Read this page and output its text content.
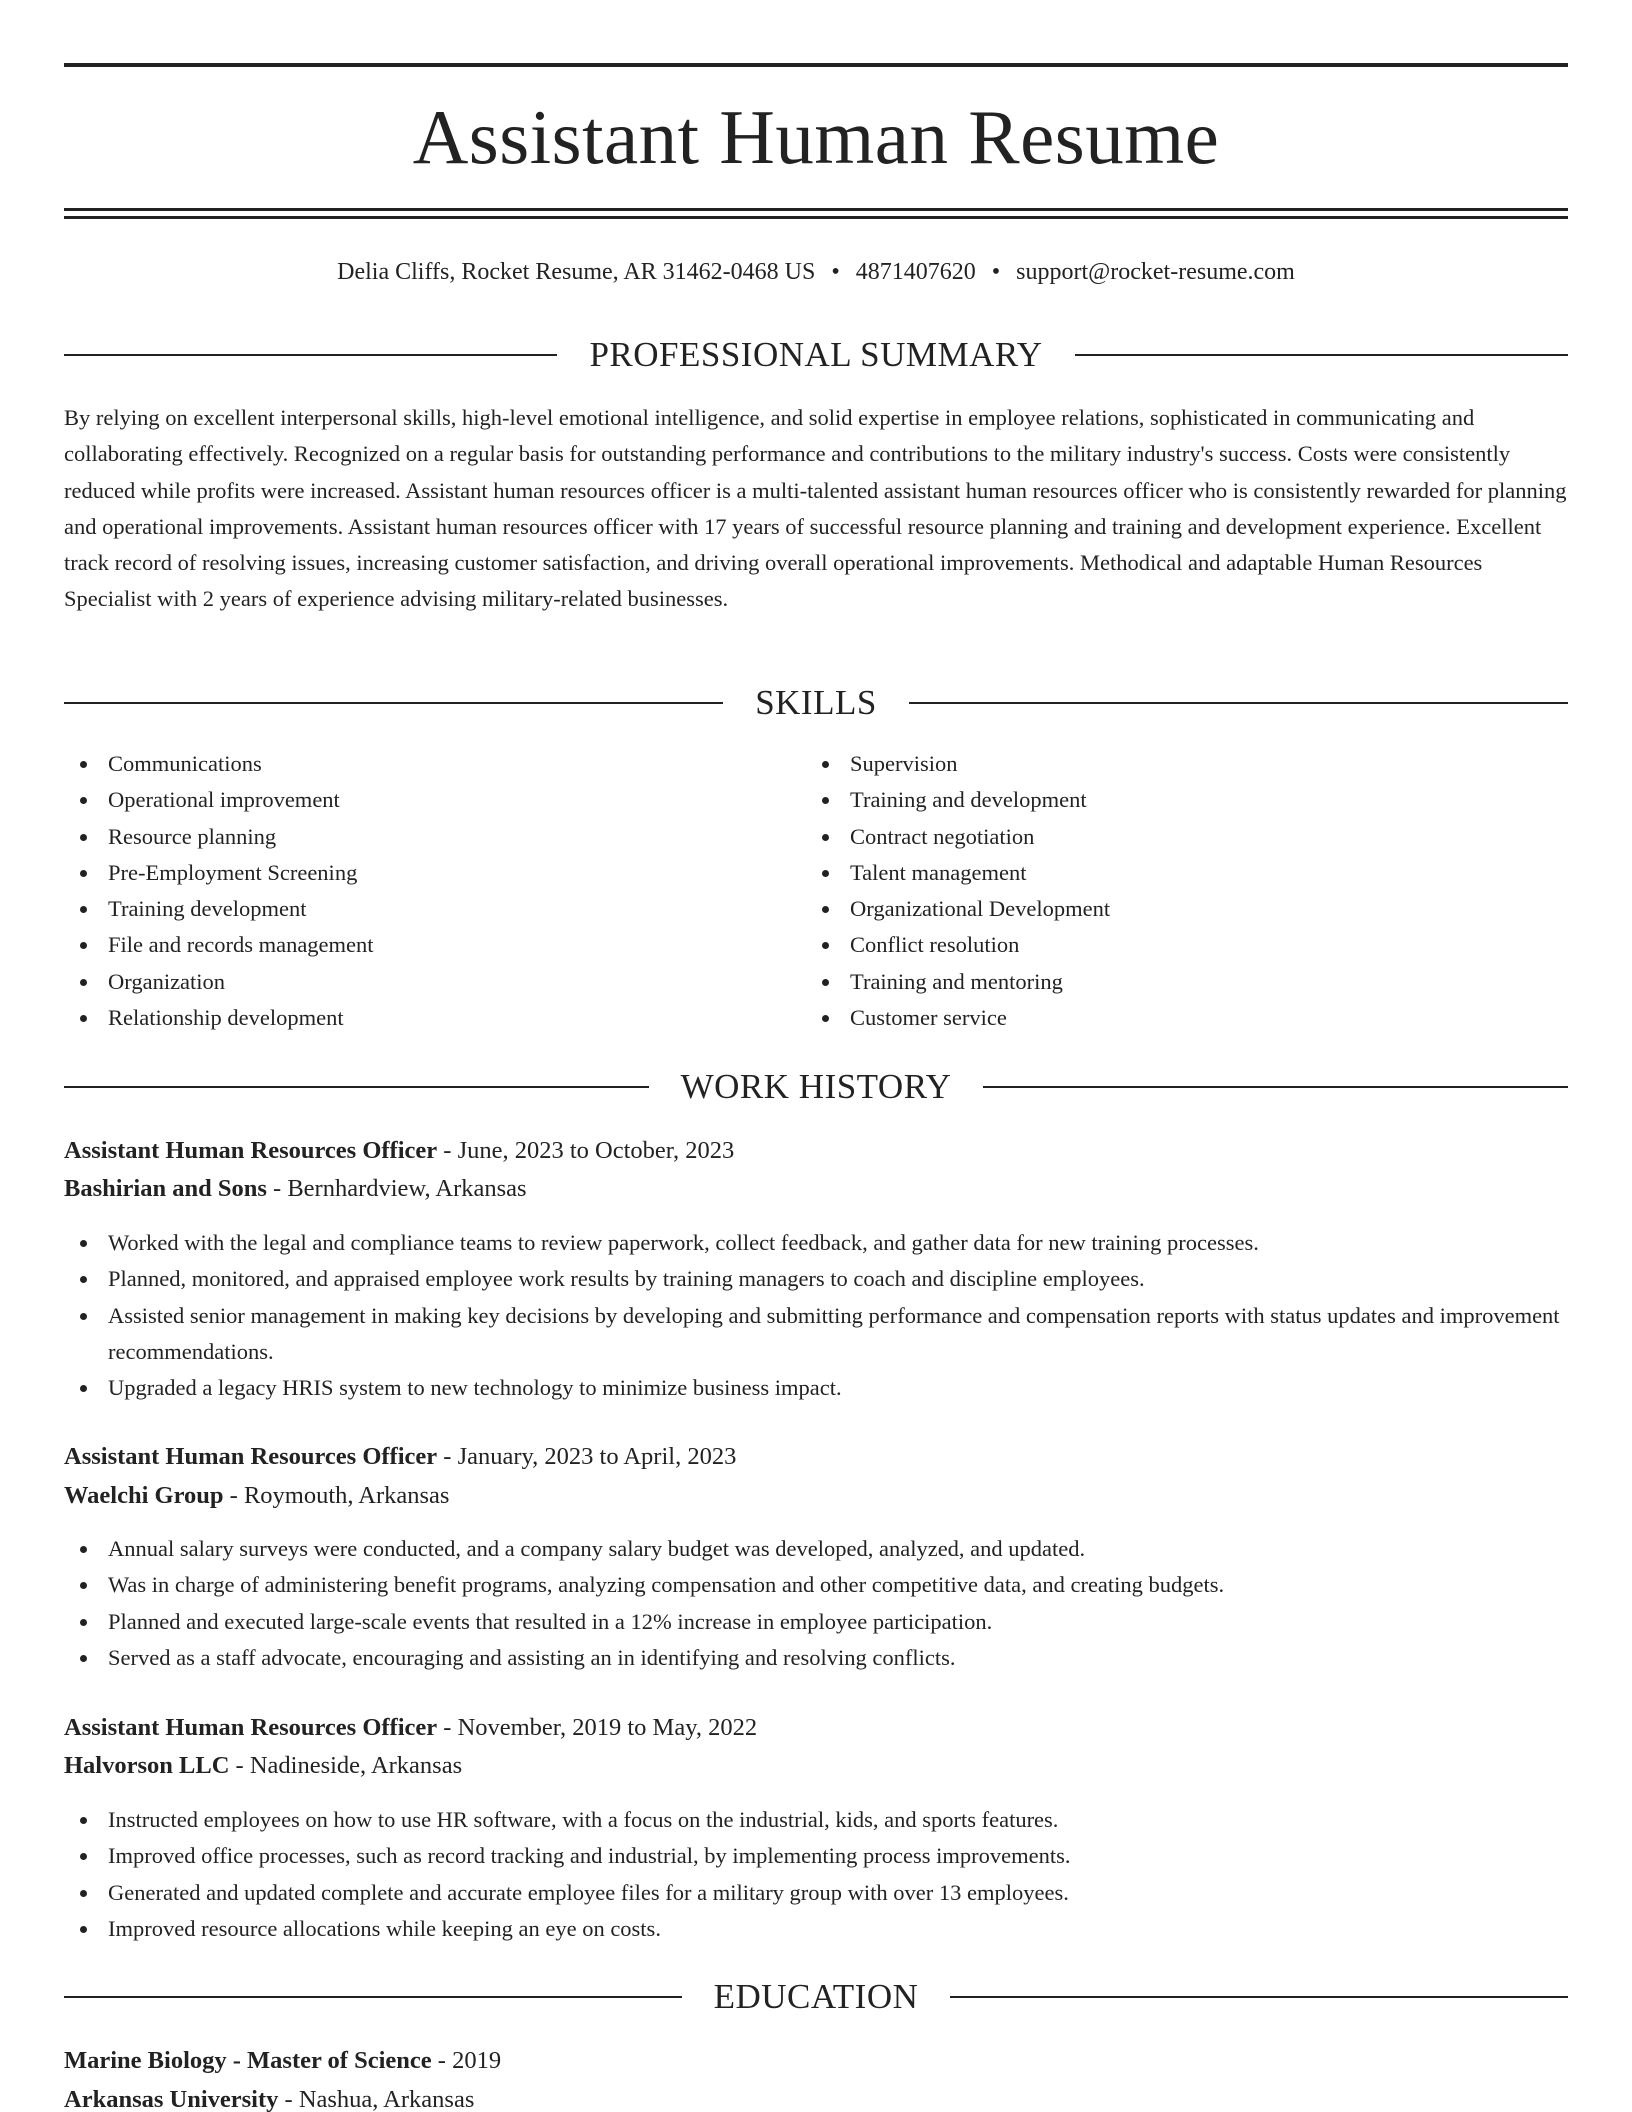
Assistant Human Resume
Delia Cliffs, Rocket Resume, AR 31462-0468 US • 4871407620 • support@rocket-resume.com
PROFESSIONAL SUMMARY

By relying on excellent interpersonal skills, high-level emotional intelligence, and solid expertise in employee relations, sophisticated in communicating and collaborating effectively. Recognized on a regular basis for outstanding performance and contributions to the military industry's success. Costs were consistently reduced while profits were increased. Assistant human resources officer is a multi-talented assistant human resources officer who is consistently rewarded for planning and operational improvements. Assistant human resources officer with 17 years of successful resource planning and training and development experience. Excellent track record of resolving issues, increasing customer satisfaction, and driving overall operational improvements. Methodical and adaptable Human Resources Specialist with 2 years of experience advising military-related businesses.

SKILLS
Communications
Operational improvement
Resource planning
Pre-Employment Screening
Training development
File and records management
Organization
Relationship development
Supervision
Training and development
Contract negotiation
Talent management
Organizational Development
Conflict resolution
Training and mentoring
Customer service
WORK HISTORY
Assistant Human Resources Officer - June, 2023 to October, 2023
Bashirian and Sons - Bernhardview, Arkansas
Worked with the legal and compliance teams to review paperwork, collect feedback, and gather data for new training processes.
Planned, monitored, and appraised employee work results by training managers to coach and discipline employees.
Assisted senior management in making key decisions by developing and submitting performance and compensation reports with status updates and improvement recommendations.
Upgraded a legacy HRIS system to new technology to minimize business impact.
Assistant Human Resources Officer - January, 2023 to April, 2023
Waelchi Group - Roymouth, Arkansas
Annual salary surveys were conducted, and a company salary budget was developed, analyzed, and updated.
Was in charge of administering benefit programs, analyzing compensation and other competitive data, and creating budgets.
Planned and executed large-scale events that resulted in a 12% increase in employee participation.
Served as a staff advocate, encouraging and assisting an in identifying and resolving conflicts.
Assistant Human Resources Officer - November, 2019 to May, 2022
Halvorson LLC - Nadineside, Arkansas
Instructed employees on how to use HR software, with a focus on the industrial, kids, and sports features.
Improved office processes, such as record tracking and industrial, by implementing process improvements.
Generated and updated complete and accurate employee files for a military group with over 13 employees.
Improved resource allocations while keeping an eye on costs.
EDUCATION
Marine Biology - Master of Science - 2019
Arkansas University - Nashua, Arkansas
